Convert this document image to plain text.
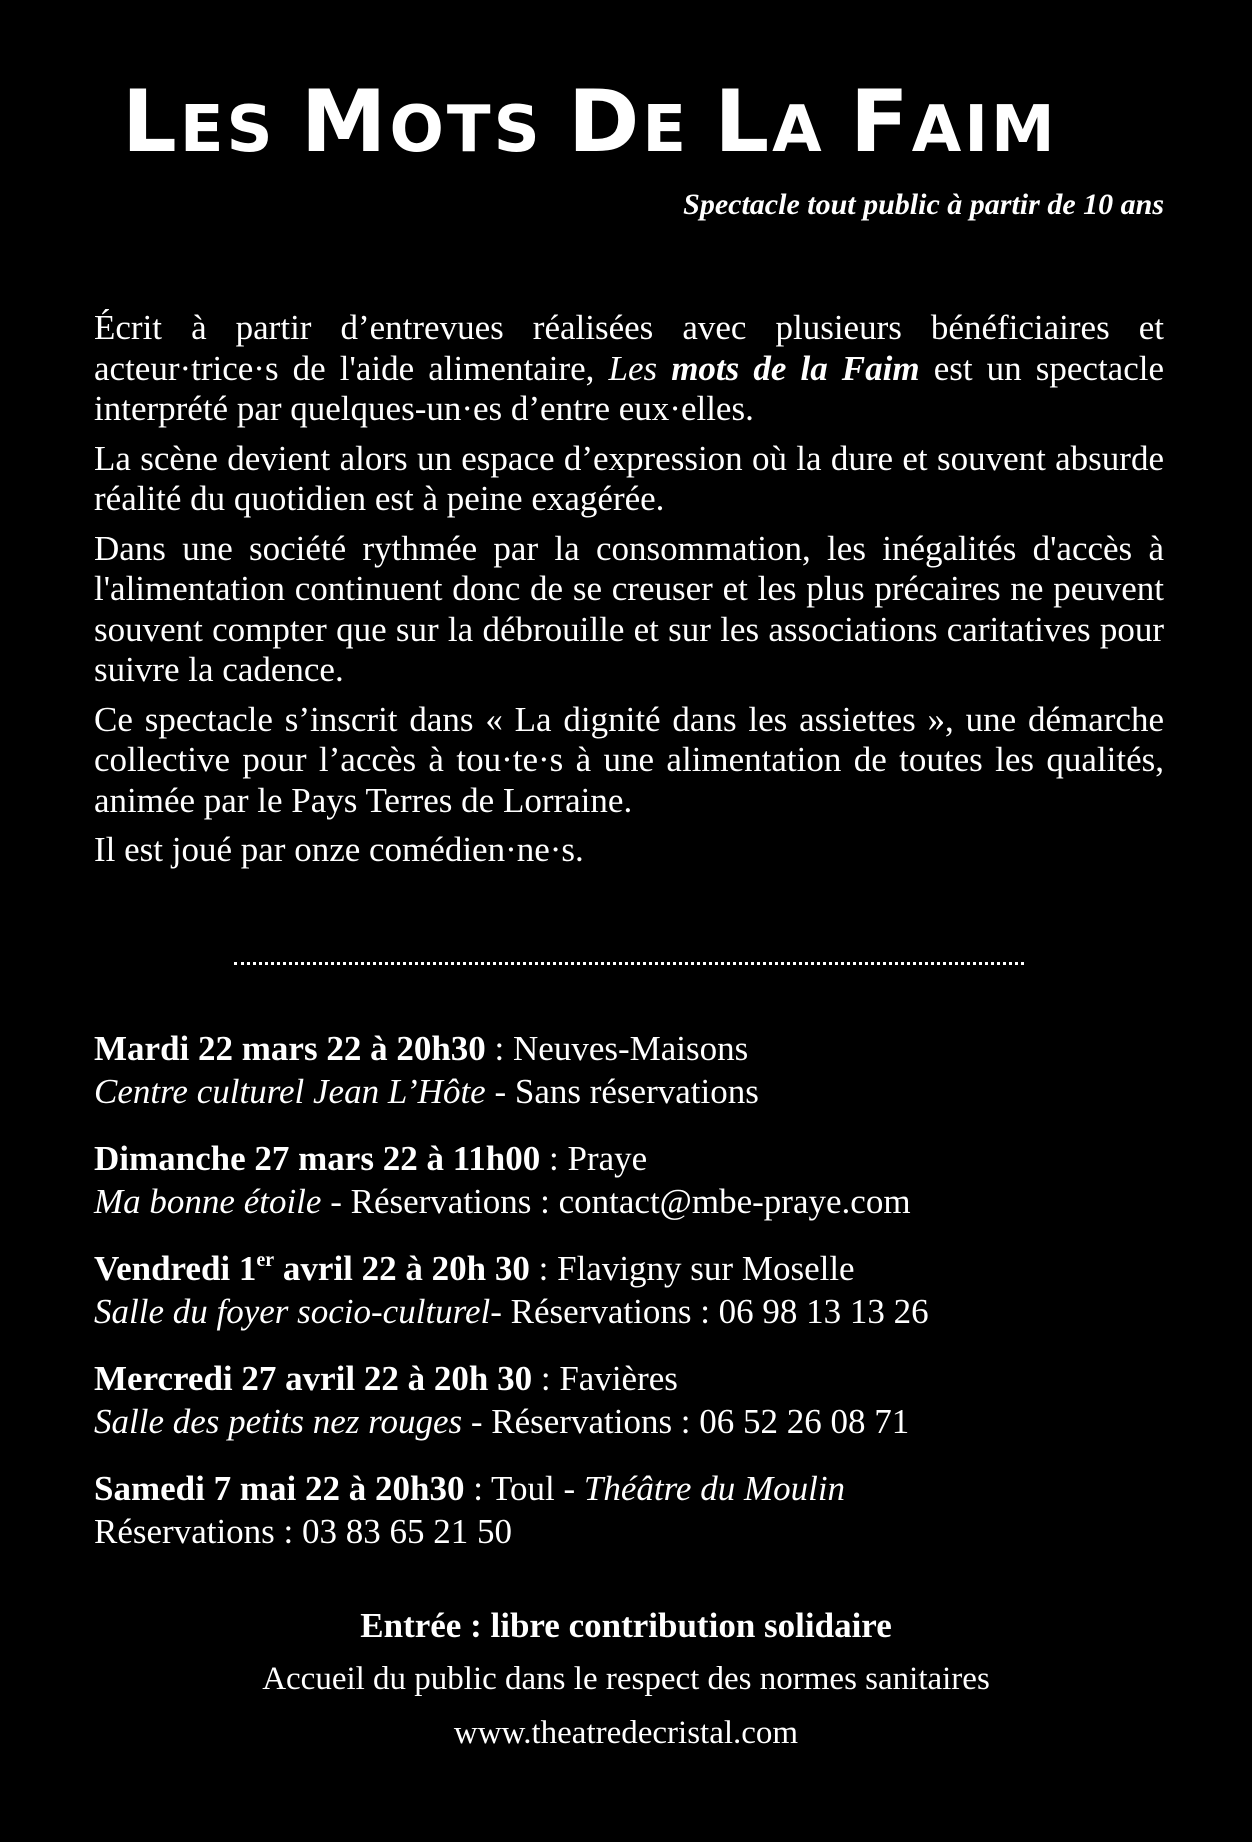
LES MOTS DE LA FAIM

Spectacle tout public à partir de 10 ans

Écrit à partir d’entrevues réalisées avec plusieurs bénéficiaires et acteur·trice·s de l'aide alimentaire, Les mots de la Faim est un spectacle interprété par quelques-un·es d’entre eux·elles.

La scène devient alors un espace d’expression où la dure et souvent absurde réalité du quotidien est à peine exagérée.

Dans une société rythmée par la consommation, les inégalités d'accès à l'alimentation continuent donc de se creuser et les plus précaires ne peuvent souvent compter que sur la débrouille et sur les associations caritatives pour suivre la cadence.

Ce spectacle s’inscrit dans « La dignité dans les assiettes », une démarche collective pour l’accès à tou·te·s à une alimentation de toutes les qualités, animée par le Pays Terres de Lorraine.

Il est joué par onze comédien·ne·s.

Mardi 22 mars 22 à 20h30 : Neuves-Maisons
Centre culturel Jean L’Hôte - Sans réservations
Dimanche 27 mars 22 à 11h00 : Praye
Ma bonne étoile - Réservations : contact@mbe-praye.com
Vendredi 1er avril 22 à 20h 30 : Flavigny sur Moselle
Salle du foyer socio-culturel- Réservations : 06 98 13 13 26
Mercredi 27 avril 22 à 20h 30 : Favières
Salle des petits nez rouges - Réservations : 06 52 26 08 71
Samedi 7 mai 22 à 20h30 : Toul - Théâtre du Moulin
Réservations : 03 83 65 21 50

Entrée : libre contribution solidaire

Accueil du public dans le respect des normes sanitaires

www.theatredecristal.com
